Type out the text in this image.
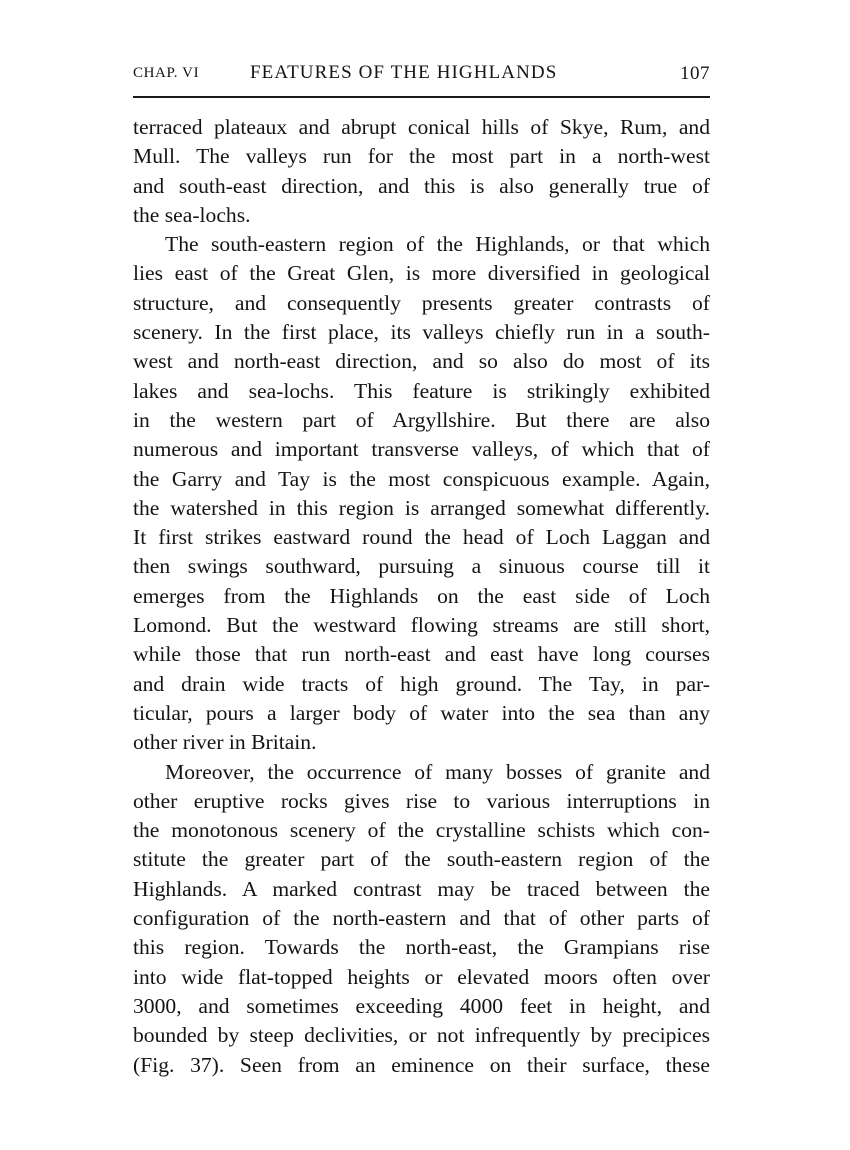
CHAP. VI	FEATURES OF THE HIGHLANDS	107
terraced plateaux and abrupt conical hills of Skye, Rum, and
Mull. The valleys run for the most part in a north-west
and south-east direction, and this is also generally true of
the sea-lochs.
The south-eastern region of the Highlands, or that which
lies east of the Great Glen, is more diversified in geological
structure, and consequently presents greater contrasts of
scenery. In the first place, its valleys chiefly run in a south-
west and north-east direction, and so also do most of its
lakes and sea-lochs. This feature is strikingly exhibited
in the western part of Argyllshire. But there are also
numerous and important transverse valleys, of which that of
the Garry and Tay is the most conspicuous example. Again,
the watershed in this region is arranged somewhat differently.
It first strikes eastward round the head of Loch Laggan and
then swings southward, pursuing a sinuous course till it
emerges from the Highlands on the east side of Loch
Lomond. But the westward flowing streams are still short,
while those that run north-east and east have long courses
and drain wide tracts of high ground. The Tay, in par-
ticular, pours a larger body of water into the sea than any
other river in Britain.
Moreover, the occurrence of many bosses of granite and
other eruptive rocks gives rise to various interruptions in
the monotonous scenery of the crystalline schists which con-
stitute the greater part of the south-eastern region of the
Highlands. A marked contrast may be traced between the
configuration of the north-eastern and that of other parts of
this region. Towards the north-east, the Grampians rise
into wide flat-topped heights or elevated moors often over
3000, and sometimes exceeding 4000 feet in height, and
bounded by steep declivities, or not infrequently by precipices
(Fig. 37). Seen from an eminence on their surface, these
